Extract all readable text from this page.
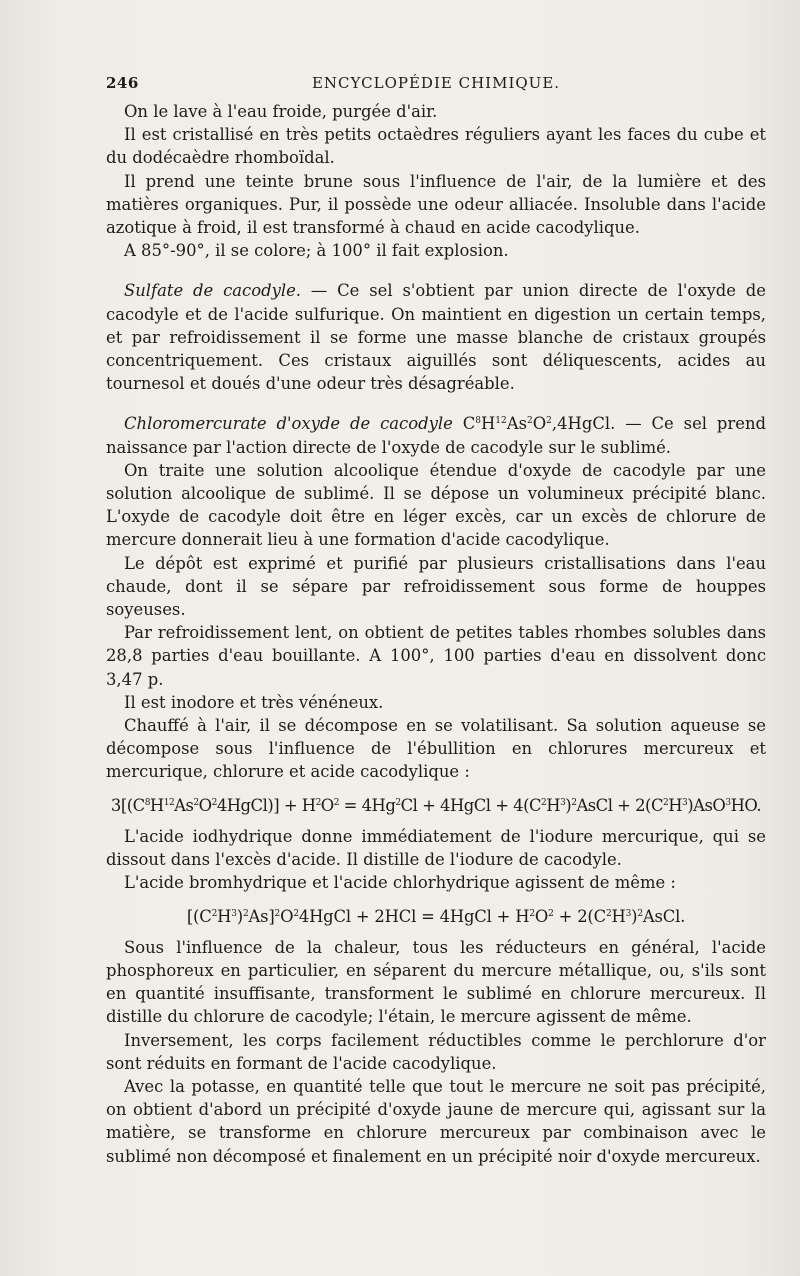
246	ENCYCLOPÉDIE CHIMIQUE.

On le lave à l'eau froide, purgée d'air.

Il est cristallisé en très petits octaèdres réguliers ayant les faces du cube et du dodécaèdre rhomboïdal.

Il prend une teinte brune sous l'influence de l'air, de la lumière et des matières organiques. Pur, il possède une odeur alliacée. Insoluble dans l'acide azotique à froid, il est transformé à chaud en acide cacodylique.

A 85°-90°, il se colore; à 100° il fait explosion.

Sulfate de cacodyle. — Ce sel s'obtient par union directe de l'oxyde de cacodyle et de l'acide sulfurique. On maintient en digestion un certain temps, et par refroidissement il se forme une masse blanche de cristaux groupés concentriquement. Ces cristaux aiguillés sont déliquescents, acides au tournesol et doués d'une odeur très désagréable.

Chloromercurate d'oxyde de cacodyle $C^8H^{12}As^2O^2,4HgCl$. — Ce sel prend naissance par l'action directe de l'oxyde de cacodyle sur le sublimé.

On traite une solution alcoolique étendue d'oxyde de cacodyle par une solution alcoolique de sublimé. Il se dépose un volumineux précipité blanc. L'oxyde de cacodyle doit être en léger excès, car un excès de chlorure de mercure donnerait lieu à une formation d'acide cacodylique.

Le dépôt est exprimé et purifié par plusieurs cristallisations dans l'eau chaude, dont il se sépare par refroidissement sous forme de houppes soyeuses.

Par refroidissement lent, on obtient de petites tables rhombes solubles dans 28,8 parties d'eau bouillante. A 100°, 100 parties d'eau en dissolvent donc 3,47 p.

Il est inodore et très vénéneux.

Chauffé à l'air, il se décompose en se volatilisant. Sa solution aqueuse se décompose sous l'influence de l'ébullition en chlorures mercureux et mercurique, chlorure et acide cacodylique :

$3[(C^8H^{12}As^2O^24HgCl)] + H^2O^2 = 4Hg^2Cl$ + 4HgCl + $4(C^2H^3)^2AsCl + 2(C^2H^3)AsO^3HO$.

L'acide iodhydrique donne immédiatement de l'iodure mercurique, qui se dissout dans l'excès d'acide. Il distille de l'iodure de cacodyle.

L'acide bromhydrique et l'acide chlorhydrique agissent de même :

$[(C^2H^3)^2As]^2O^24HgCl + 2HCl$ = 4HgCl + $H^2O^2$ + $2(C^2H^3)^2AsCl$.

Sous l'influence de la chaleur, tous les réducteurs en général, l'acide phosphoreux en particulier, en séparent du mercure métallique, ou, s'ils sont en quantité insuffisante, transforment le sublimé en chlorure mercureux. Il distille du chlorure de cacodyle; l'étain, le mercure agissent de même.

Inversement, les corps facilement réductibles comme le perchlorure d'or sont réduits en formant de l'acide cacodylique.

Avec la potasse, en quantité telle que tout le mercure ne soit pas précipité, on obtient d'abord un précipité d'oxyde jaune de mercure qui, agissant sur la matière, se transforme en chlorure mercureux par combinaison avec le sublimé non décomposé et finalement en un précipité noir d'oxyde mercureux.
